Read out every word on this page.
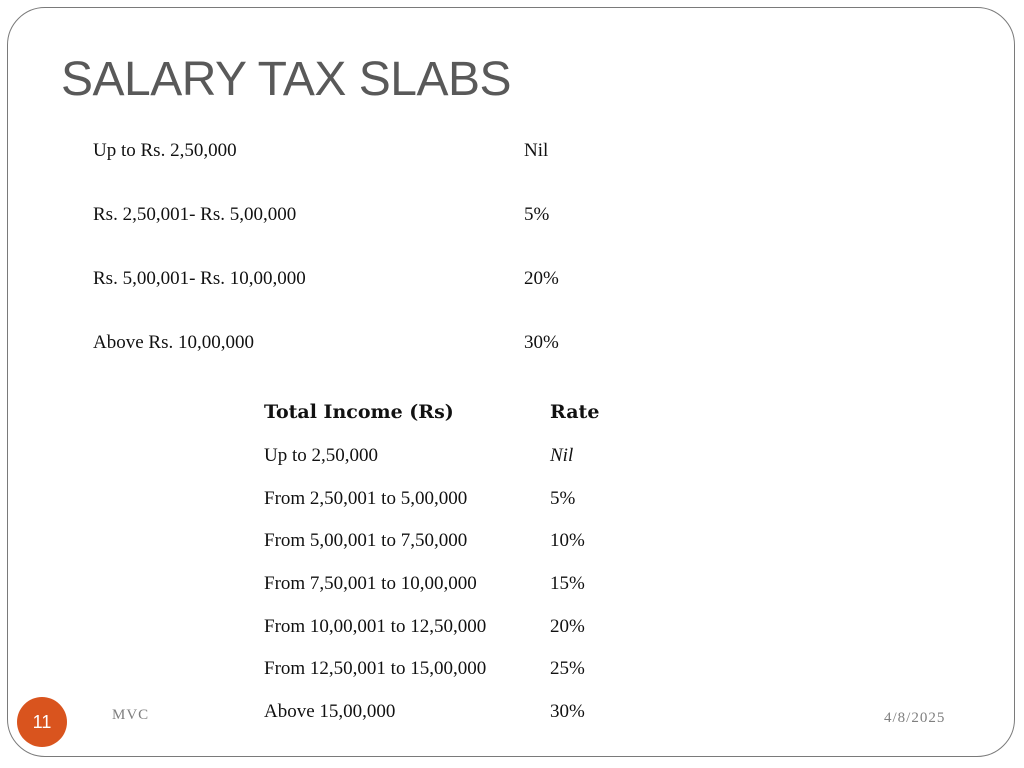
SALARY TAX SLABS
Up to Rs. 2,50,000	Nil
Rs. 2,50,001- Rs. 5,00,000	5%
Rs. 5,00,001- Rs. 10,00,000	20%
Above Rs. 10,00,000	30%
Total Income (Rs)	Rate
Up to 2,50,000	Nil
From 2,50,001 to 5,00,000	5%
From 5,00,001 to 7,50,000	10%
From 7,50,001 to 10,00,000	15%
From 10,00,001 to 12,50,000	20%
From 12,50,001 to 15,00,000	25%
Above 15,00,000	30%
11	MVC	4/8/2025
